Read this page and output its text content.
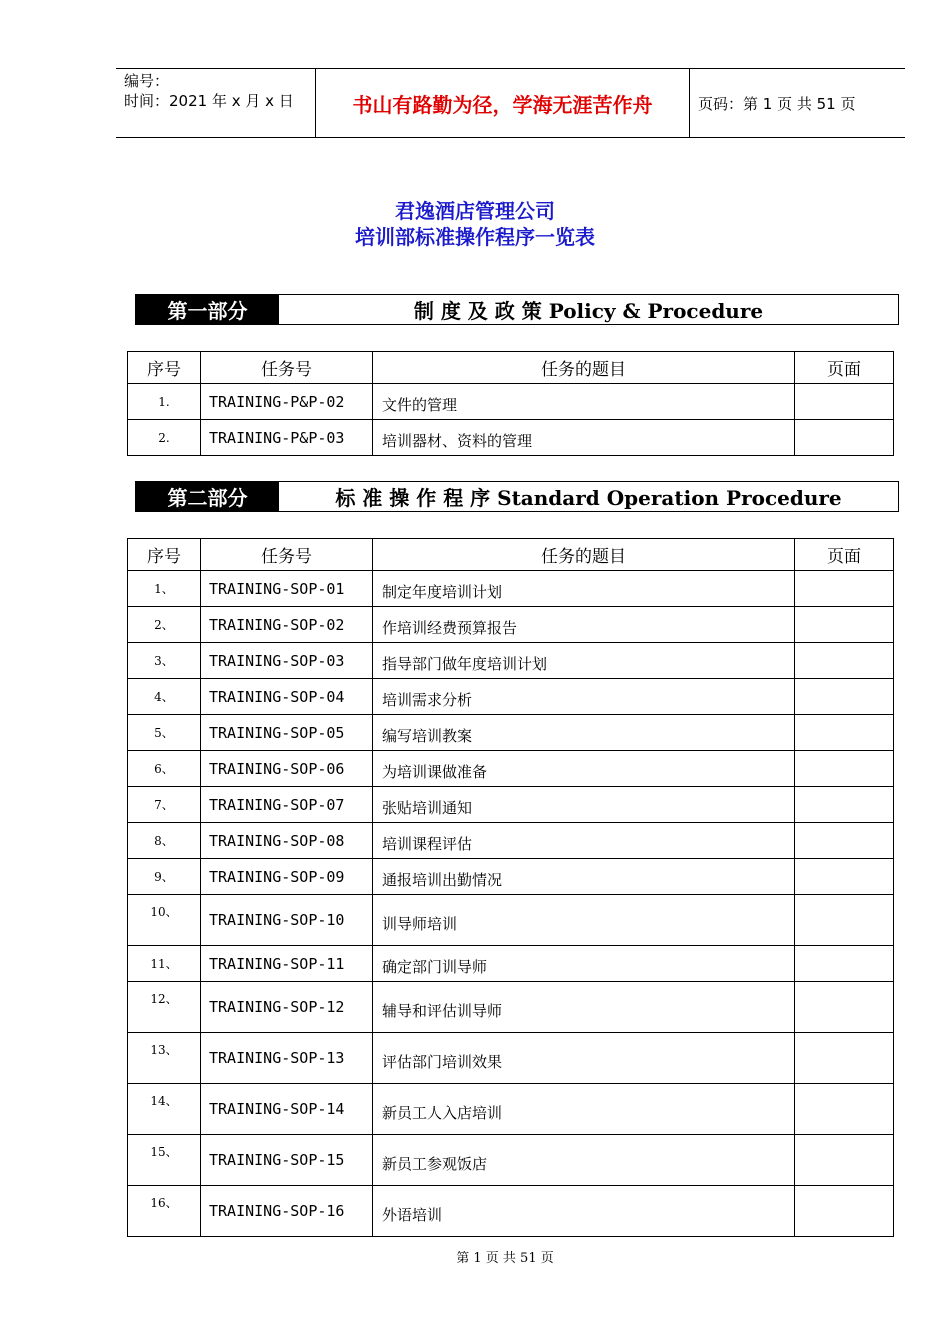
编号：
时间：2021 年 x 月 x 日	书山有路勤为径，学海无涯苦作舟	页码：第 1 页 共 51 页
君逸酒店管理公司
培训部标准操作程序一览表
第一部分	制 度 及 政 策 Policy & Procedure
序号	任务号	任务的题目	页面
1.	TRAINING-P&P-02	文件的管理	
2.	TRAINING-P&P-03	培训器材、资料的管理	
第二部分	标 准 操 作 程 序 Standard Operation Procedure
序号	任务号	任务的题目	页面
1、	TRAINING-SOP-01	制定年度培训计划	
2、	TRAINING-SOP-02	作培训经费预算报告	
3、	TRAINING-SOP-03	指导部门做年度培训计划	
4、	TRAINING-SOP-04	培训需求分析	
5、	TRAINING-SOP-05	编写培训教案	
6、	TRAINING-SOP-06	为培训课做准备	
7、	TRAINING-SOP-07	张贴培训通知	
8、	TRAINING-SOP-08	培训课程评估	
9、	TRAINING-SOP-09	通报培训出勤情况	
10、	TRAINING-SOP-10	训导师培训	
11、	TRAINING-SOP-11	确定部门训导师	
12、	TRAINING-SOP-12	辅导和评估训导师	
13、	TRAINING-SOP-13	评估部门培训效果	
14、	TRAINING-SOP-14	新员工人入店培训	
15、	TRAINING-SOP-15	新员工参观饭店	
16、	TRAINING-SOP-16	外语培训	
第 1 页 共 51 页
